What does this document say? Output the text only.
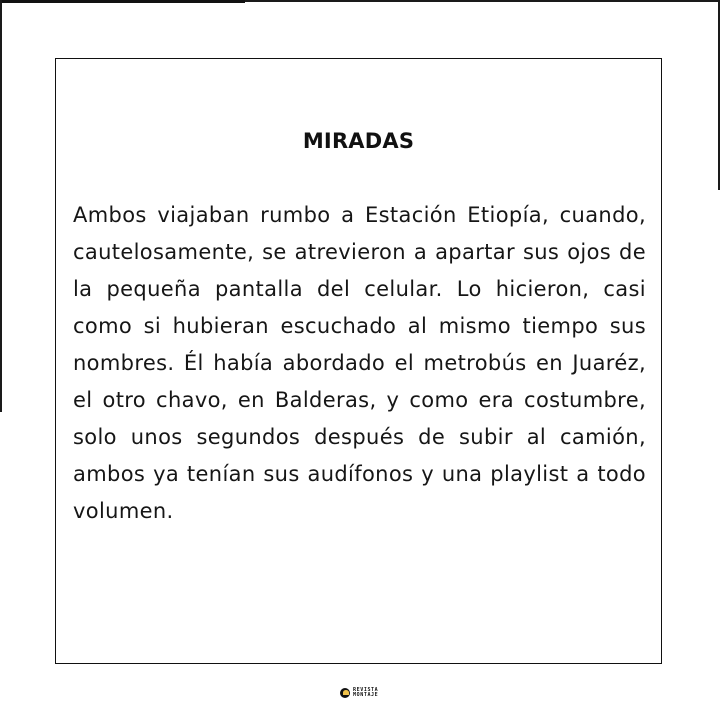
MIRADAS
Ambos viajaban rumbo a Estación Etiopía, cuando, cautelosamente, se atrevieron a apartar sus ojos de la pequeña pantalla del celular. Lo hicieron, casi como si hubieran escuchado al mismo tiempo sus nombres. Él había abordado el metrobús en Juaréz, el otro chavo, en Balderas, y como era costumbre, solo unos segundos después de subir al camión, ambos ya tenían sus audífonos y una playlist a todo volumen.
REVISTA
MONTAJE
